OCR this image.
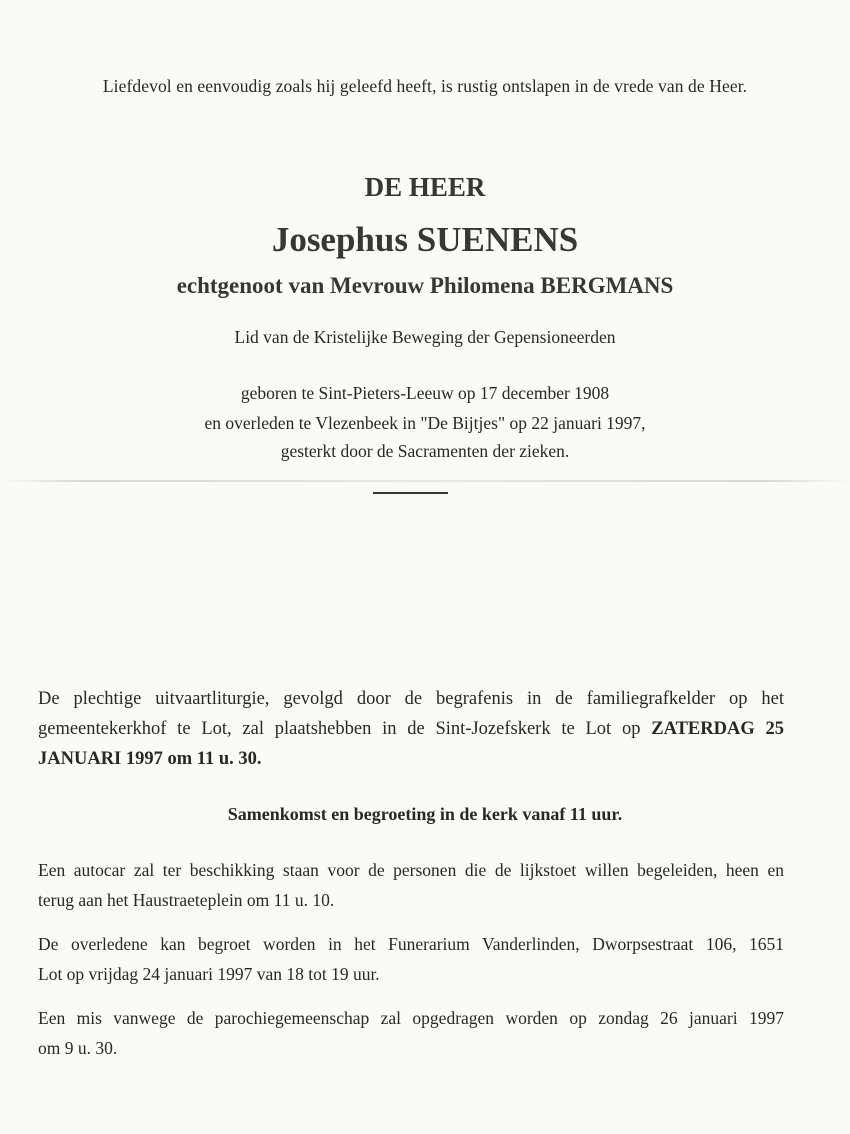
Liefdevol en eenvoudig zoals hij geleefd heeft, is rustig ontslapen in de vrede van de Heer.
DE HEER
Josephus SUENENS
echtgenoot van Mevrouw Philomena BERGMANS
Lid van de Kristelijke Beweging der Gepensioneerden
geboren te Sint-Pieters-Leeuw op 17 december 1908
en overleden te Vlezenbeek in "De Bijtjes" op 22 januari 1997,
gesterkt door de Sacramenten der zieken.
De plechtige uitvaartliturgie, gevolgd door de begrafenis in de familiegrafkelder op het
gemeentekerkhof te Lot, zal plaatshebben in de Sint-Jozefskerk te Lot op ZATERDAG 25
JANUARI 1997 om 11 u. 30.
Samenkomst en begroeting in de kerk vanaf 11 uur.
Een autocar zal ter beschikking staan voor de personen die de lijkstoet willen begeleiden, heen en
terug aan het Haustraeteplein om 11 u. 10.
De overledene kan begroet worden in het Funerarium Vanderlinden, Dworpsestraat 106, 1651
Lot op vrijdag 24 januari 1997 van 18 tot 19 uur.
Een mis vanwege de parochiegemeenschap zal opgedragen worden op zondag 26 januari 1997
om 9 u. 30.
